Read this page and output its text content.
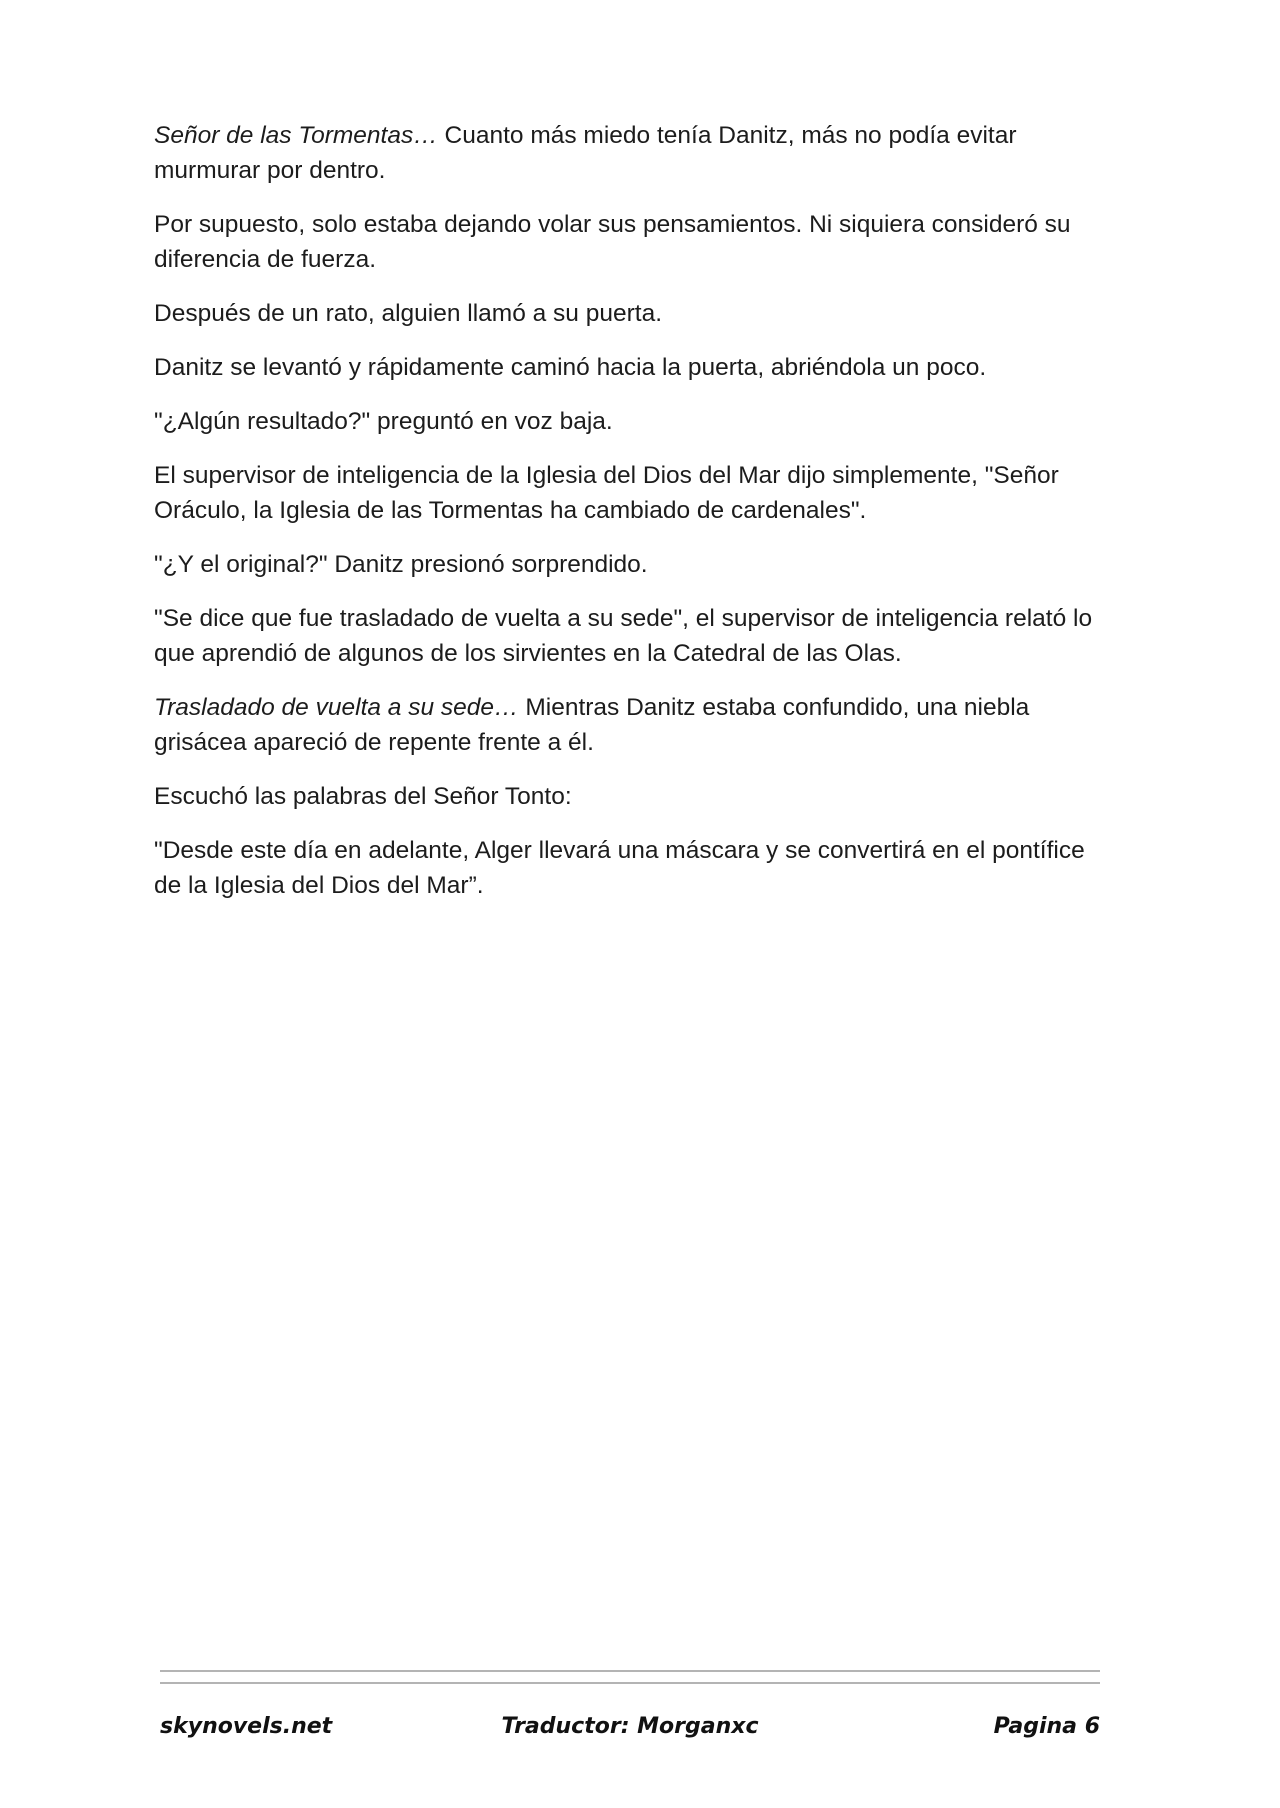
Señor de las Tormentas… Cuanto más miedo tenía Danitz, más no podía evitar murmurar por dentro.

Por supuesto, solo estaba dejando volar sus pensamientos. Ni siquiera consideró su diferencia de fuerza.

Después de un rato, alguien llamó a su puerta.

Danitz se levantó y rápidamente caminó hacia la puerta, abriéndola un poco.

"¿Algún resultado?" preguntó en voz baja.

El supervisor de inteligencia de la Iglesia del Dios del Mar dijo simplemente, "Señor Oráculo, la Iglesia de las Tormentas ha cambiado de cardenales".

"¿Y el original?" Danitz presionó sorprendido.

"Se dice que fue trasladado de vuelta a su sede", el supervisor de inteligencia relató lo que aprendió de algunos de los sirvientes en la Catedral de las Olas.

Trasladado de vuelta a su sede… Mientras Danitz estaba confundido, una niebla grisácea apareció de repente frente a él.

Escuchó las palabras del Señor Tonto:

"Desde este día en adelante, Alger llevará una máscara y se convertirá en el pontífice de la Iglesia del Dios del Mar”.

skynovels.net	Traductor: Morganxc	Pagina 6
